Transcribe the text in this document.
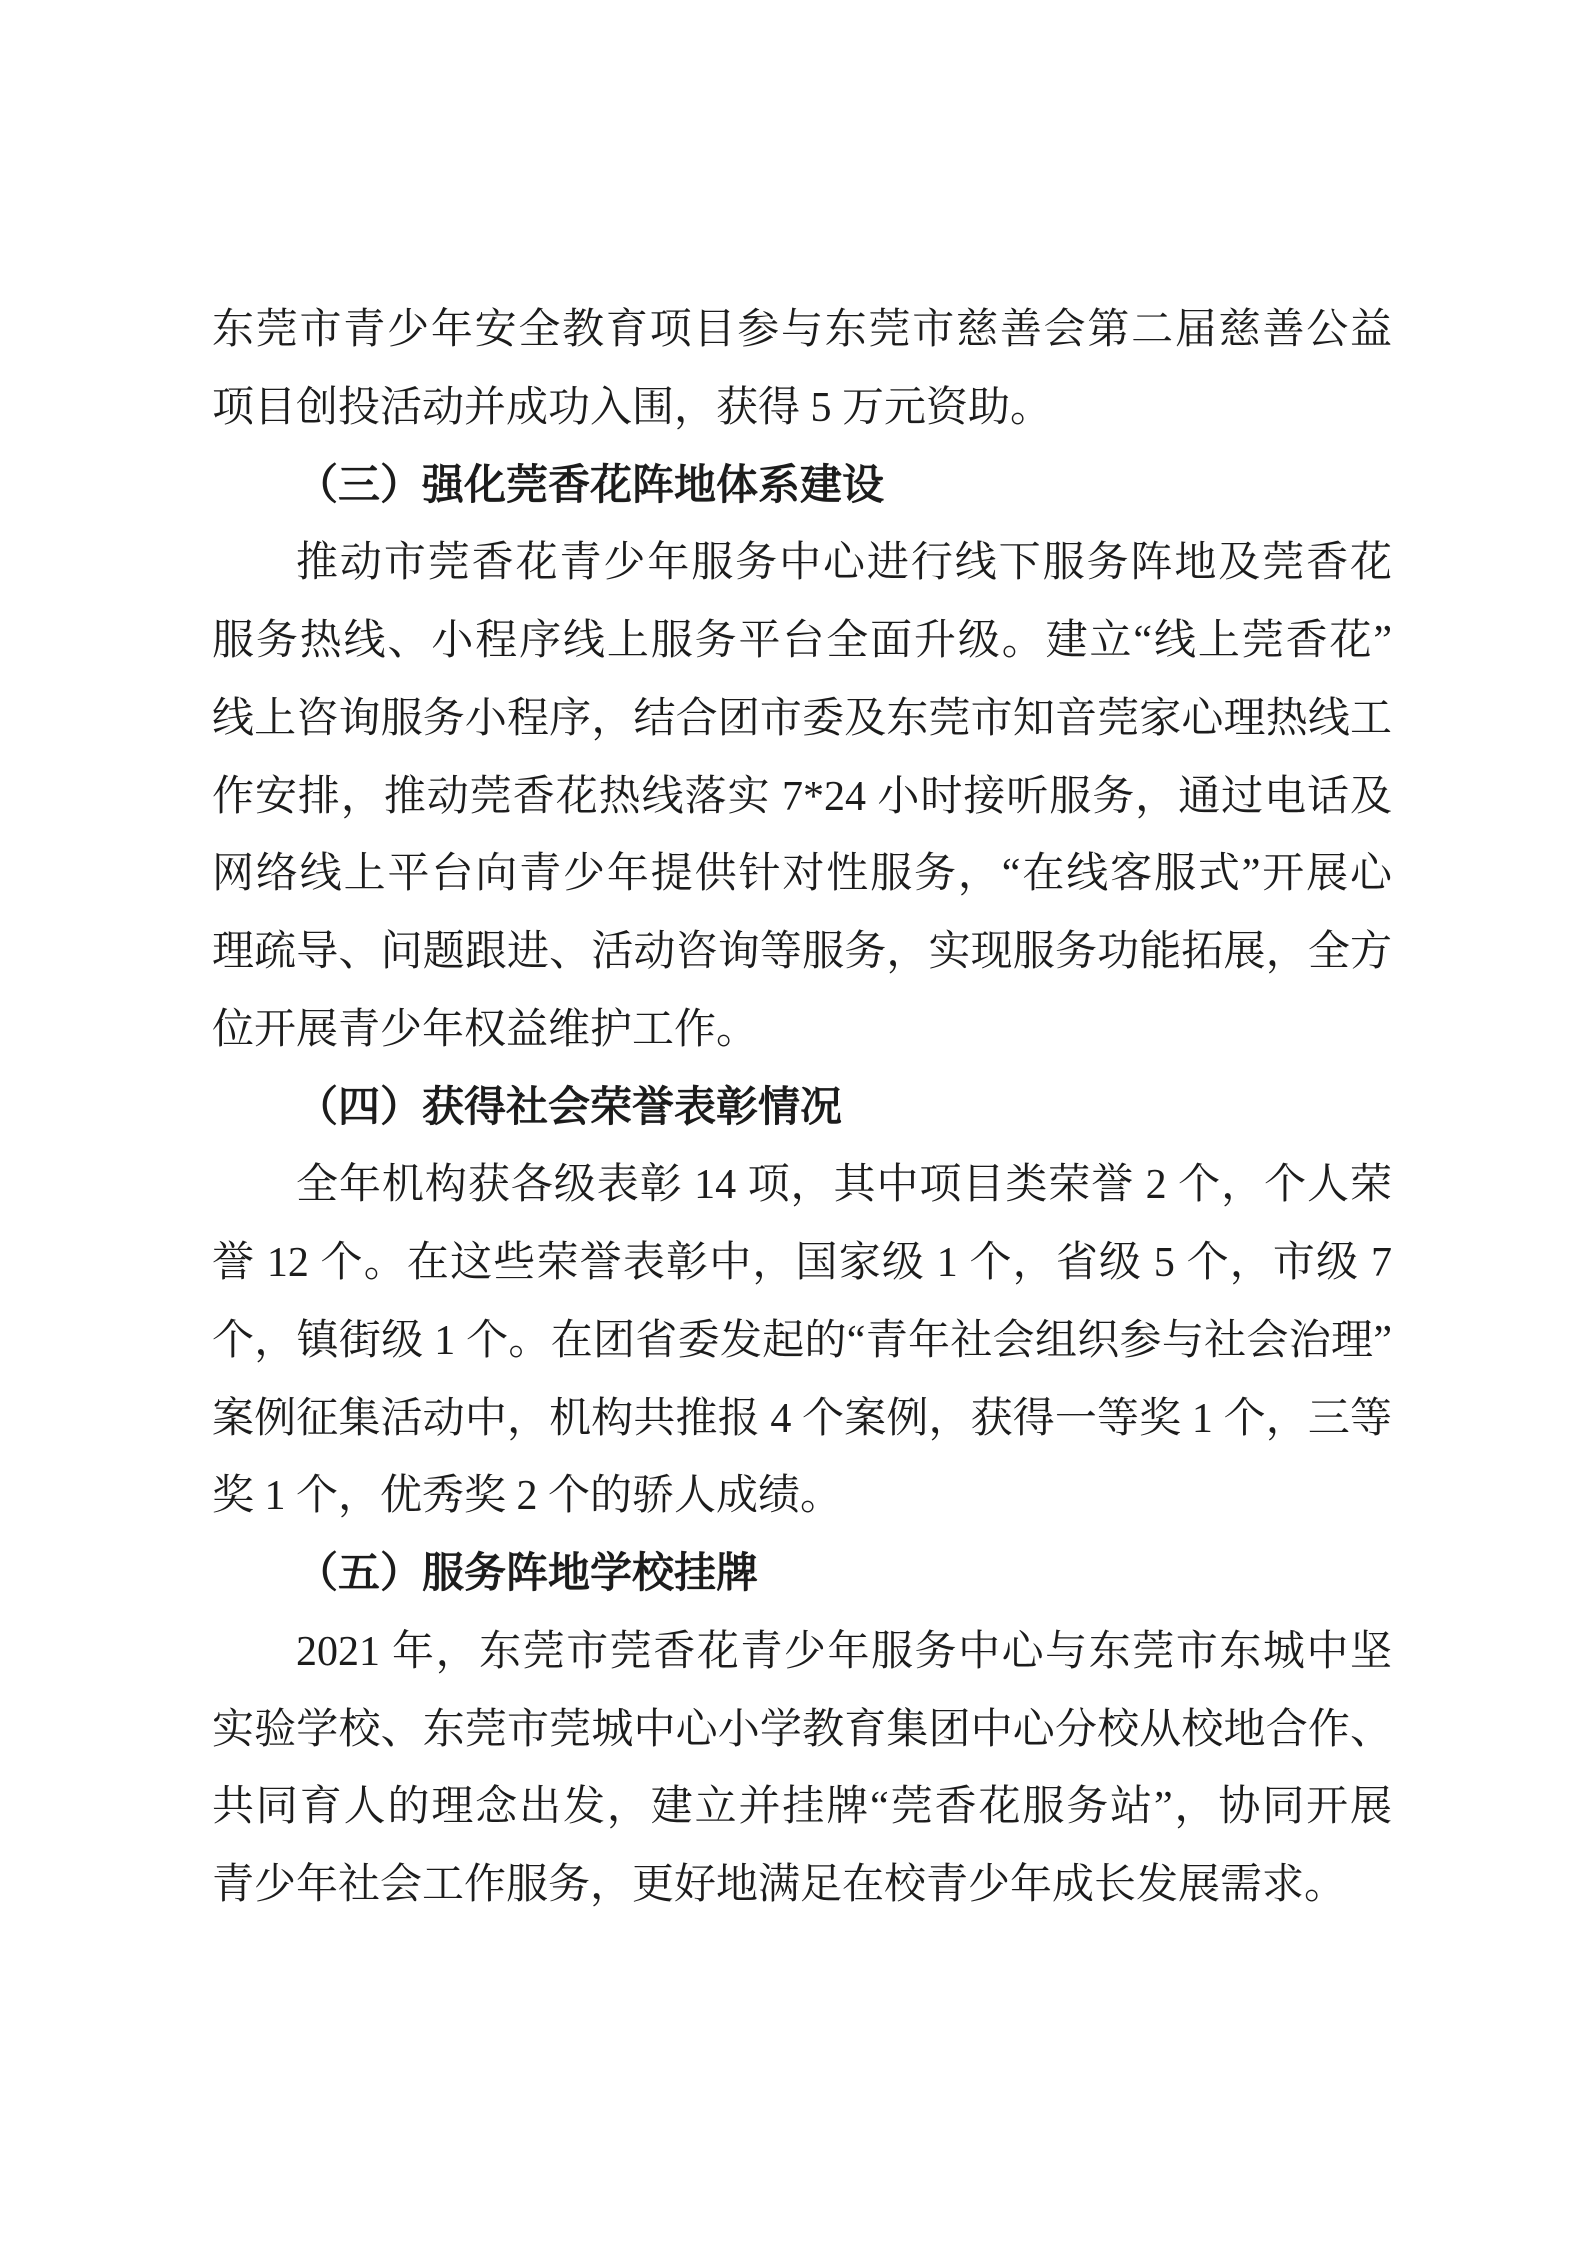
东莞市青少年安全教育项目参与东莞市慈善会第二届慈善公益
项目创投活动并成功入围，获得 5 万元资助。
（三）强化莞香花阵地体系建设
推动市莞香花青少年服务中心进行线下服务阵地及莞香花
服务热线、小程序线上服务平台全面升级。建立“线上莞香花”
线上咨询服务小程序，结合团市委及东莞市知音莞家心理热线工
作安排，推动莞香花热线落实 7*24 小时接听服务，通过电话及
网络线上平台向青少年提供针对性服务，“在线客服式”开展心
理疏导、问题跟进、活动咨询等服务，实现服务功能拓展，全方
位开展青少年权益维护工作。
（四）获得社会荣誉表彰情况
全年机构获各级表彰 14 项，其中项目类荣誉 2 个，个人荣
誉 12 个。在这些荣誉表彰中，国家级 1 个，省级 5 个，市级 7
个，镇街级 1 个。在团省委发起的“青年社会组织参与社会治理”
案例征集活动中，机构共推报 4 个案例，获得一等奖 1 个，三等
奖 1 个，优秀奖 2 个的骄人成绩。
（五）服务阵地学校挂牌
2021 年，东莞市莞香花青少年服务中心与东莞市东城中坚
实验学校、东莞市莞城中心小学教育集团中心分校从校地合作、
共同育人的理念出发，建立并挂牌“莞香花服务站”，协同开展
青少年社会工作服务，更好地满足在校青少年成长发展需求。
